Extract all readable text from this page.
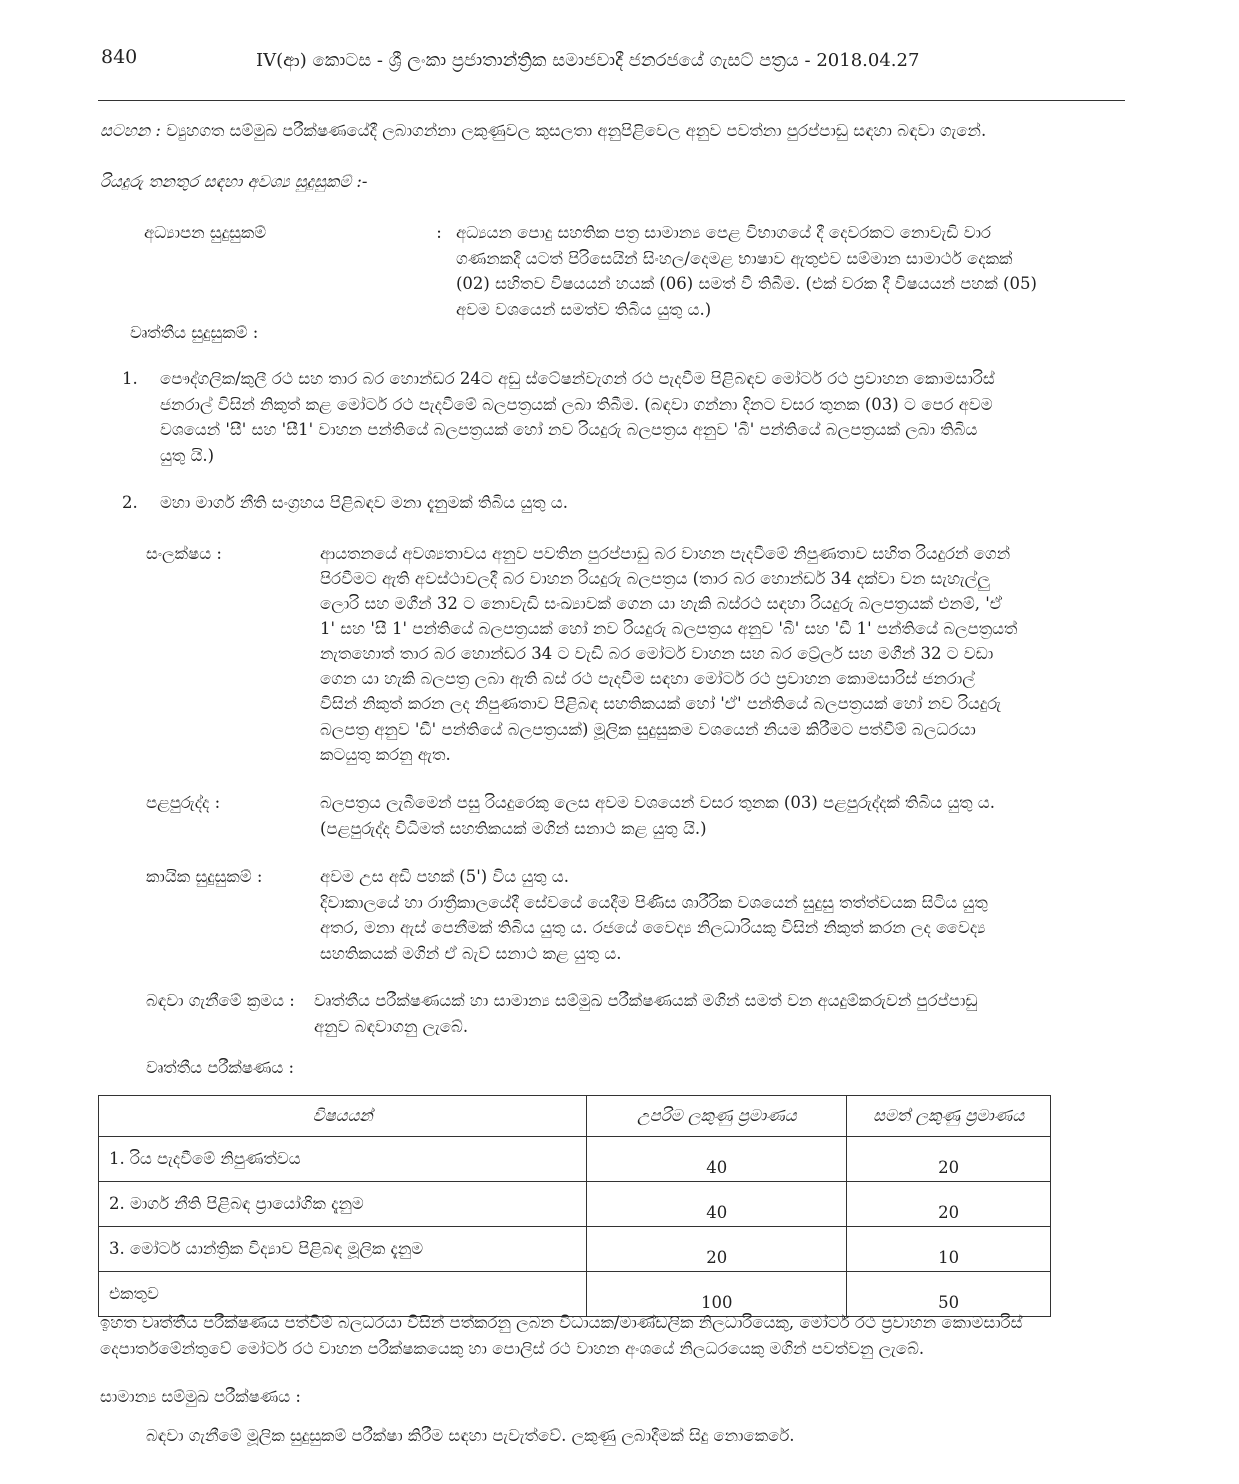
840	IV(ආ) කොටස - ශ්‍රී ලංකා ප්‍රජාතාන්ත්‍රික සමාජවාදී ජනරජයේ ගැසට් පත්‍රය - 2018.04.27
සටහන : ව්‍යුහගත සම්මුඛ පරීක්ෂණයේදී ලබාගන්නා ලකුණුවල කුසලතා අනුපිළිවෙල අනුව පවත්නා පුරප්පාඩු සඳහා බඳවා ගැනේ.
රියදුරු තනතුර සඳහා අවශ්‍ය සුදුසුකම් :-
අධ්‍යාපන සුදුසුකම්	: අධ්‍යයන පොදු සහතික පත්‍ර සාමාන්‍ය පෙළ විභාගයේ දී දෙවරකට නොවැඩි වාර
ගණනකදී යටත් පිරිසෙයින් සිංහල/දෙමළ භාෂාව ඇතුළුව සම්මාන සාමාර්ථ දෙකක්
(02) සහිතව විෂයයන් හයක් (06) සමත් වී තිබීම. (එක් වරක දී විෂයයන් පහක් (05)
අවම වශයෙන් සමත්ව තිබිය යුතු ය.)
වෘත්තීය සුදුසුකම් :
1. පෞද්ගලික/කුලී රථ සහ තාර බර හොන්ඩර 24ට අඩු ස්ටේෂන්වැගන් රථ පැදවීම පිළිබඳව මෝටර් රථ ප්‍රවාහන කොමසාරිස්
ජනරාල් විසින් නිකුත් කළ මෝටර් රථ පැදවීමේ බලපත්‍රයක් ලබා තිබීම. (බඳවා ගන්නා දිනට වසර තුනක (03) ට පෙර අවම
වශයෙන් 'සී' සහ 'සී1' වාහන පන්තියේ බලපත්‍රයක් හෝ නව රියදුරු බලපත්‍රය අනුව 'බී' පන්තියේ බලපත්‍රයක් ලබා තිබිය
යුතු යි.)
2. මහා මාර්ග නීති සංග්‍රහය පිළිබඳව මනා දැනුමක් තිබිය යුතු ය.
සංලක්ෂය :	ආයතනයේ අවශ්‍යතාවය අනුව පවතින පුරප්පාඩු බර වාහන පැදවීමේ නිපුණතාව සහිත රියදුරන් ගෙන්
පිරවීමට ඇති අවස්ථාවලදී බර වාහන රියදුරු බලපත්‍රය (තාර බර හොන්ඩර් 34 දක්වා වන සැහැල්ලු
ලොරි සහ මගීන් 32 ට නොවැඩි සංඛ්‍යාවක් ගෙන යා හැකි බස්රථ සඳහා රියදුරු බලපත්‍රයක් එනම්, 'ඒ
1' සහ 'සී 1' පන්තියේ බලපත්‍රයක් හෝ නව රියදුරු බලපත්‍රය අනුව 'බී' සහ 'ඩී 1' පන්තියේ බලපත්‍රයත්
නැතහොත් තාර බර හොන්ඩර 34 ට වැඩි බර මෝටර් වාහන සහ බර ට්‍රේලර් සහ මගීන් 32 ට වඩා
ගෙන යා හැකි බලපත්‍ර ලබා ඇති බස් රථ පැදවීම සඳහා මෝටර් රථ ප්‍රවාහන කොමසාරිස් ජනරාල්
විසින් නිකුත් කරන ලද නිපුණතාව පිළිබඳ සහතිකයක් හෝ 'ඒ' පන්තියේ බලපත්‍රයක් හෝ නව රියදුරු
බලපත්‍ර අනුව 'ඩී' පන්තියේ බලපත්‍රයක්) මූලික සුදුසුකම වශයෙන් නියම කිරීමට පත්වීම් බලධරයා
කටයුතු කරනු ඇත.
පළපුරුද්ද :	බලපත්‍රය ලැබීමෙන් පසු රියදුරෙකු ලෙස අවම වශයෙන් වසර තුනක (03) පළපුරුද්දක් තිබිය යුතු ය.
(පළපුරුද්ද විධිමත් සහතිකයක් මගින් සනාථ කළ යුතු යි.)
කායික සුදුසුකම් :	අවම උස අඩි පහක් (5') විය යුතු ය.
දිවාකාලයේ හා රාත්‍රීකාලයේදී සේවයේ යෙදීම පිණිස ශාරීරික වශයෙන් සුදුසු තත්ත්වයක සිටිය යුතු
අතර, මනා ඇස් පෙනීමක් තිබිය යුතු ය. රජයේ වෛද්‍ය නිලධාරියකු විසින් නිකුත් කරන ලද වෛද්‍ය
සහතිකයක් මගින් ඒ බැව් සනාථ කළ යුතු ය.
බඳවා ගැනීමේ ක්‍රමය : වෘත්තීය පරීක්ෂණයක් හා සාමාන්‍ය සම්මුඛ පරීක්ෂණයක් මගින් සමත් වන අයදුම්කරුවන් පුරප්පාඩු
අනුව බඳවාගනු ලැබේ.
වෘත්තීය පරීක්ෂණය :
විෂයයන්	උපරිම ලකුණු ප්‍රමාණය	සමත් ලකුණු ප්‍රමාණය
1. රිය පැදවීමේ නිපුණත්වය	40	20
2. මාර්ග නීති පිළිබඳ ප්‍රායෝගික දැනුම	40	20
3. මෝටර් යාන්ත්‍රික විද්‍යාව පිළිබඳ මූලික දැනුම	20	10
එකතුව	100	50
ඉහත වෘත්තීය පරීක්ෂණය පත්වීම් බලධරයා විසින් පත්කරනු ලබන විධායක/මාණ්ඩලික නිලධාරියෙකු, මෝටර් රථ ප්‍රවාහන කොමසාරිස්
දෙපාර්තමේන්තුවේ මෝටර් රථ වාහන පරීක්ෂකයෙකු හා පොලිස් රථ වාහන අංශයේ නිලධරයෙකු මගින් පවත්වනු ලැබේ.
සාමාන්‍ය සම්මුඛ පරීක්ෂණය :
බඳවා ගැනීමේ මූලික සුදුසුකම් පරීක්ෂා කිරීම සඳහා පැවැත්වේ. ලකුණු ලබාදීමක් සිදු නොකෙරේ.
